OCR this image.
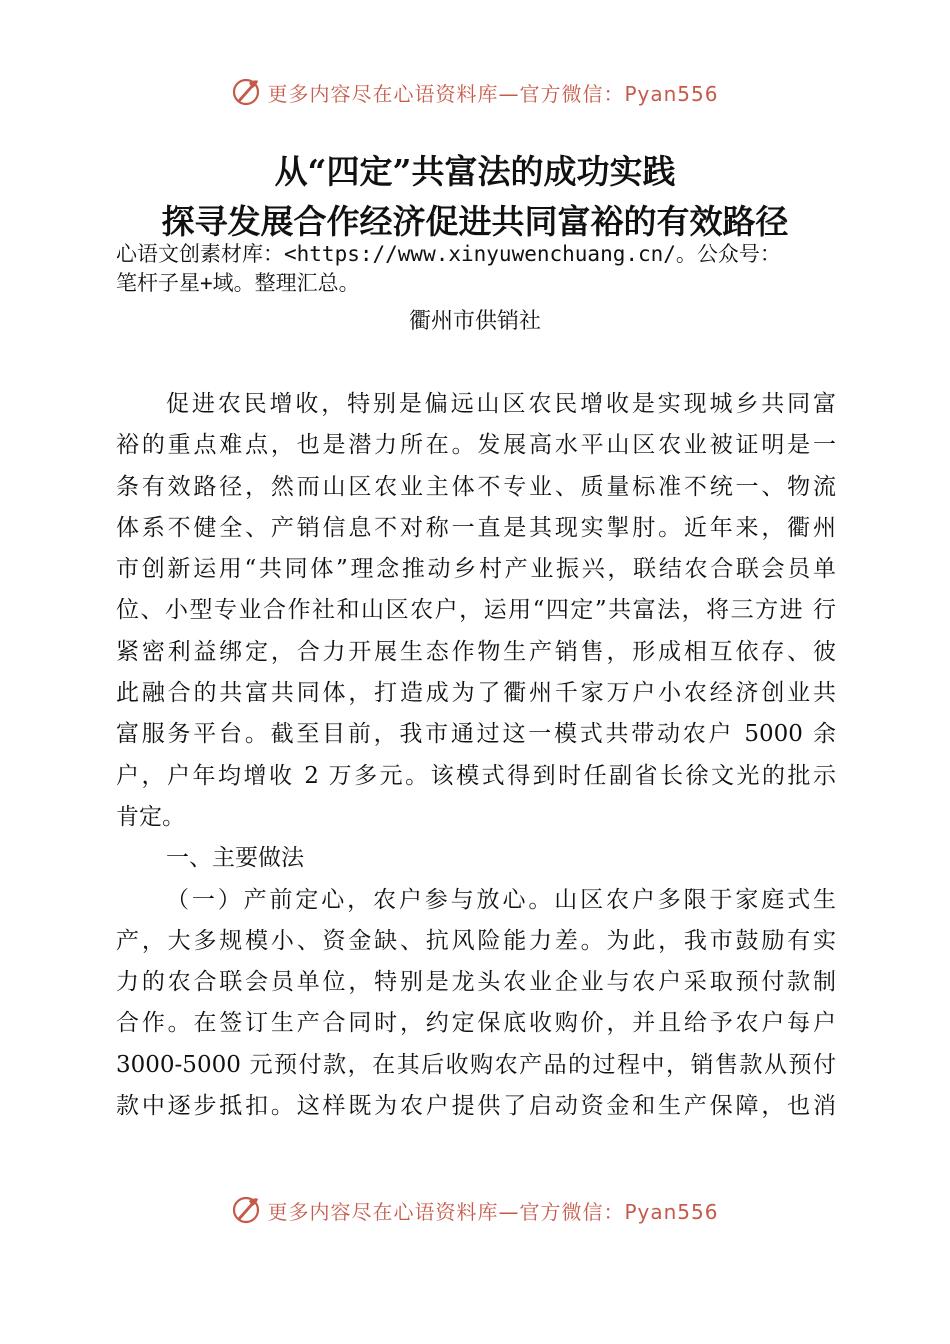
更多内容尽在心语资料库—官方微信：Pyan556
从“四定”共富法的成功实践
探寻发展合作经济促进共同富裕的有效路径
心语文创素材库：<https://www.xinyuwenchuang.cn/。公众号：
笔杆子星+域。整理汇总。
衢州市供销社
促进农民增收，特别是偏远山区农民增收是实现城乡共同富
裕的重点难点，也是潜力所在。发展高水平山区农业被证明是一
条有效路径，然而山区农业主体不专业、质量标准不统一、物流
体系不健全、产销信息不对称一直是其现实掣肘。近年来，衢州
市创新运用“共同体”理念推动乡村产业振兴，联结农合联会员单
位、小型专业合作社和山区农户，运用“四定”共富法，将三方进 行
紧密利益绑定，合力开展生态作物生产销售，形成相互依存、彼
此融合的共富共同体，打造成为了衢州千家万户小农经济创业共
富服务平台。截至目前，我市通过这一模式共带动农户 5000 余
户，户年均增收 2 万多元。该模式得到时任副省长徐文光的批示
肯定。
一、主要做法
（一）产前定心，农户参与放心。山区农户多限于家庭式生
产，大多规模小、资金缺、抗风险能力差。为此，我市鼓励有实
力的农合联会员单位，特别是龙头农业企业与农户采取预付款制
合作。在签订生产合同时，约定保底收购价，并且给予农户每户
3000-5000 元预付款，在其后收购农产品的过程中，销售款从预付
款中逐步抵扣。这样既为农户提供了启动资金和生产保障，也消
更多内容尽在心语资料库—官方微信：Pyan556
